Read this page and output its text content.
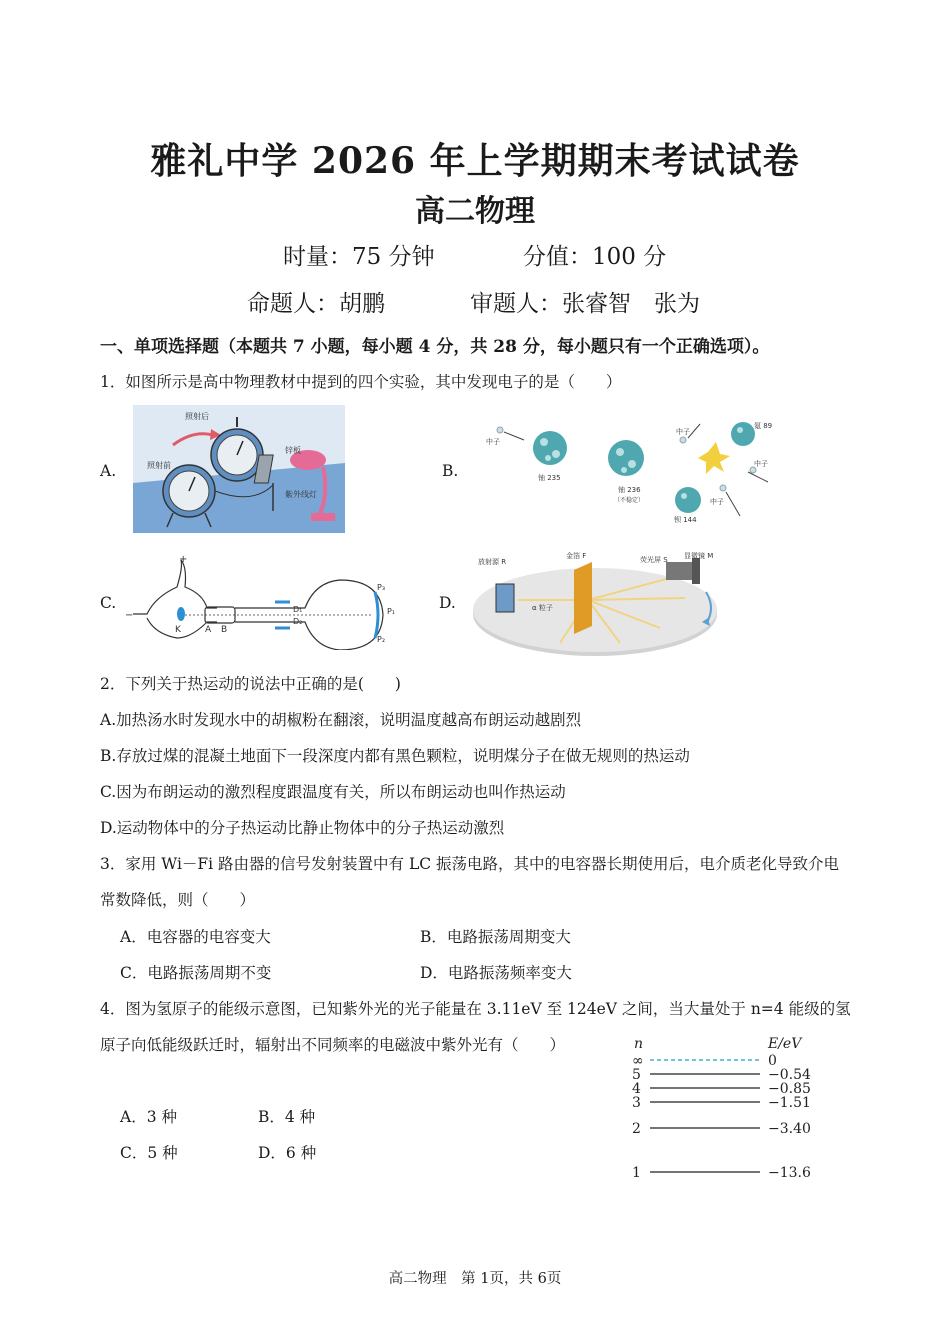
雅礼中学 2026 年上学期期末考试试卷
高二物理
时量：75 分钟	分值：100 分
命题人：胡鹏	审题人：张睿智　张为
一、单项选择题（本题共 7 小题，每小题 4 分，共 28 分，每小题只有一个正确选项）。
1．如图所示是高中物理教材中提到的四个实验，其中发现电子的是（　　）
A.	B.
C.	D.
照射后
照射前
锌板
紫外线灯
中子
铀 235
铀 236
（不稳定）
中子
氪 89
钡 144
中子
中子
+
−
K	A B
D₁
D₂
P₁
P₂
P₃
放射源 R
金箔 F	荧光屏 S 显微镜 M
α 粒子
2．下列关于热运动的说法中正确的是(　　)
A.加热汤水时发现水中的胡椒粉在翻滚，说明温度越高布朗运动越剧烈
B.存放过煤的混凝土地面下一段深度内都有黑色颗粒，说明煤分子在做无规则的热运动
C.因为布朗运动的激烈程度跟温度有关，所以布朗运动也叫作热运动
D.运动物体中的分子热运动比静止物体中的分子热运动激烈
3．家用 Wi－Fi 路由器的信号发射装置中有 LC 振荡电路，其中的电容器长期使用后，电介质老化导致介电
常数降低，则（　　）
A．电容器的电容变大	B．电路振荡周期变大
C．电路振荡周期不变	D．电路振荡频率变大
4．图为氢原子的能级示意图，已知紫外光的光子能量在 3.11eV 至 124eV 之间，当大量处于 n=4 能级的氢
原子向低能级跃迁时，辐射出不同频率的电磁波中紫外光有（　　）
A．3 种	B．4 种
C．5 种	D．6 种
n	E/eV
∞	0
5	−0.54
4	−0.85
3	−1.51
2	−3.40
1	−13.6
高二物理　第 1页，共 6页
